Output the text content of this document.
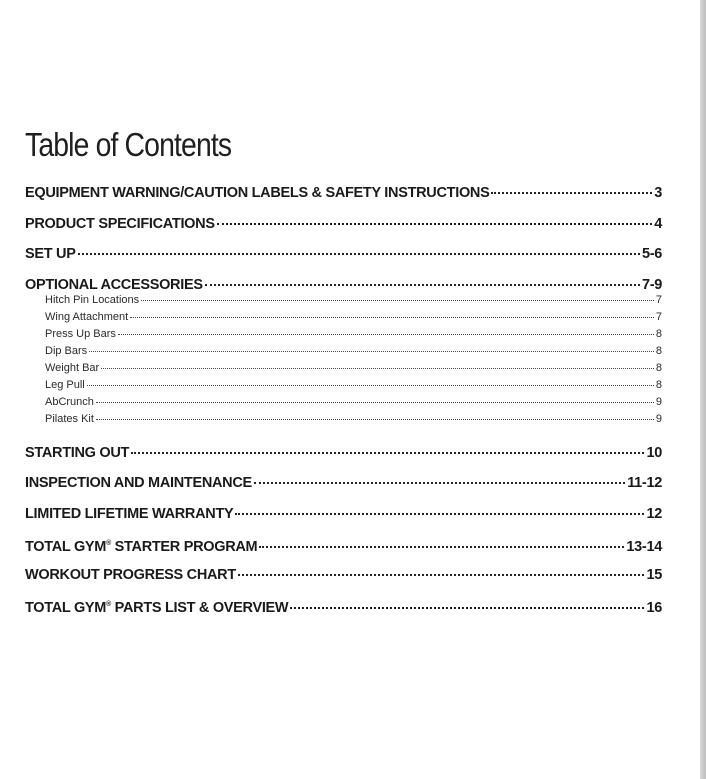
Table of Contents
EQUIPMENT WARNING/CAUTION LABELS & SAFETY INSTRUCTIONS	3
PRODUCT SPECIFICATIONS	4
SET UP	5-6
OPTIONAL ACCESSORIES	7-9
Hitch Pin Locations	7
Wing Attachment	7
Press Up Bars	8
Dip Bars	8
Weight Bar	8
Leg Pull	8
AbCrunch	9
Pilates Kit	9
STARTING OUT	10
INSPECTION AND MAINTENANCE	11-12
LIMITED LIFETIME WARRANTY	12
TOTAL GYM® STARTER PROGRAM	13-14
WORKOUT PROGRESS CHART	15
TOTAL GYM® PARTS LIST & OVERVIEW	16
